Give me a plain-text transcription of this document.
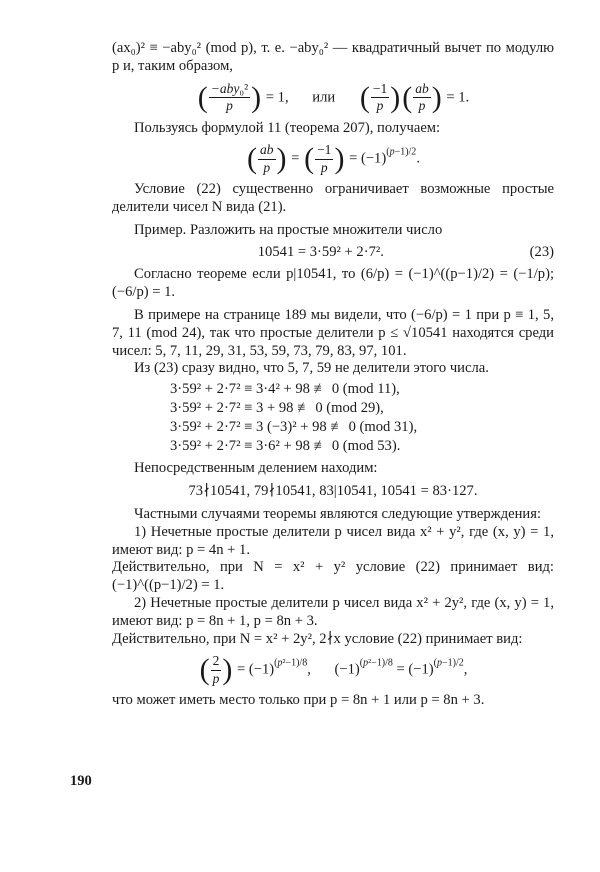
(ax₀)² ≡ −aby₀² (mod p), т. е. −aby₀² — квадратичный вычет по модулю p и, таким образом,

( $\frac{\text{−aby₀²}}{p}$ ) = 1, или ( $\frac{-1}{p}$ ) ( $\frac{ab}{p}$ ) = 1.

Пользуясь формулой 11 (теорема 207), получаем:

( $\frac{ab}{p}$ ) = ( $\frac{-1}{p}$ ) = $(-1)^{(p-1)/2}$.

Условие (22) существенно ограничивает возможные простые делители чисел N вида (21).

Пример. Разложить на простые множители число

10541 = 3·59² + 2·7².	(23)

Согласно теореме если p|10541, то (6/p) = (−1)^((p−1)/2) = (−1/p); (−6/p) = 1.

В примере на странице 189 мы видели, что (−6/p) = 1 при p ≡ 1, 5, 7, 11 (mod 24), так что простые делители p ≤ √10541 находятся среди чисел: 5, 7, 11, 29, 31, 53, 59, 73, 79, 83, 97, 101.

Из (23) сразу видно, что 5, 7, 59 не делители этого числа.

3·59² + 2·7² ≡ 3·4² + 98 ≢ 0 (mod 11),
3·59² + 2·7² ≡ 3 + 98 ≢ 0 (mod 29),
3·59² + 2·7² ≡ 3 (−3)² + 98 ≢ 0 (mod 31),
3·59² + 2·7² ≡ 3·6² + 98 ≢ 0 (mod 53).

Непосредственным делением находим:

73∤10541, 79∤10541, 83|10541, 10541 = 83·127.

Частными случаями теоремы являются следующие утверждения:

1) Нечетные простые делители p чисел вида x² + y², где (x, y) = 1, имеют вид: p = 4n + 1.

Действительно, при N = x² + y² условие (22) принимает вид: (−1)^((p−1)/2) = 1.

2) Нечетные простые делители p чисел вида x² + 2y², где (x, y) = 1, имеют вид: p = 8n + 1, p = 8n + 3.

Действительно, при N = x² + 2y², 2∤x условие (22) принимает вид:

( $\frac{2}{p}$ ) = $(-1)^{(p^2-1)/8}$, $(-1)^{(p^2-1)/8} = (-1)^{(p-1)/2}$,

что может иметь место только при p = 8n + 1 или p = 8n + 3.

190
